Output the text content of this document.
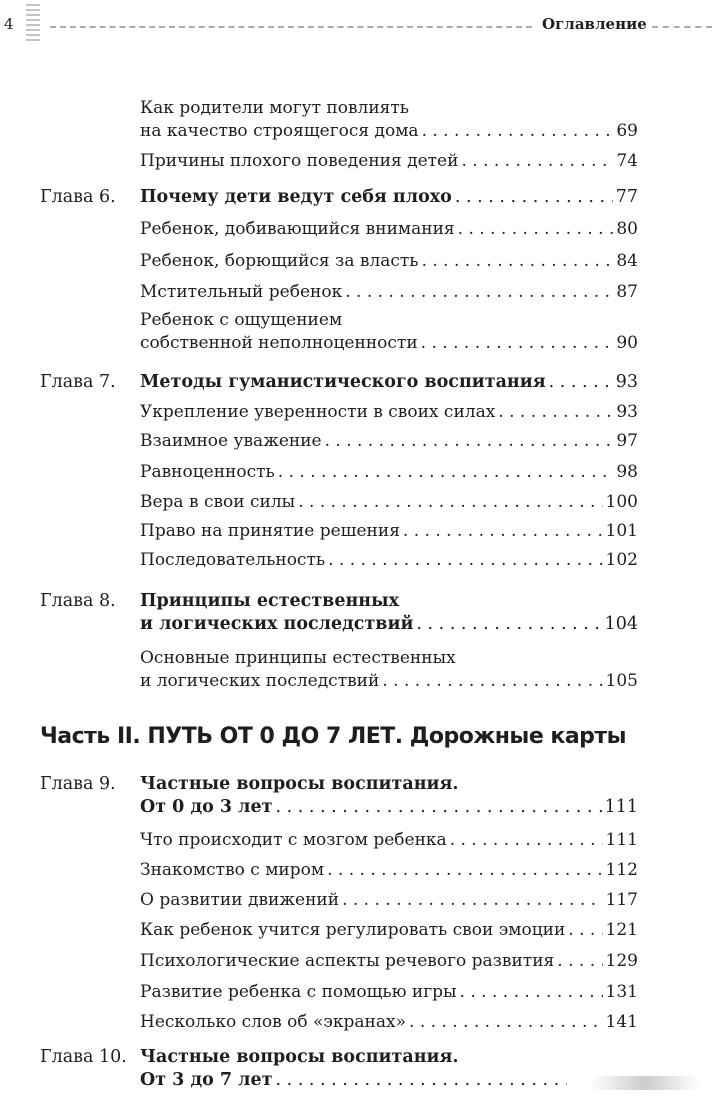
4	Оглавление
Как родители могут повлиять
на качество строящегося дома . . .	69
Причины плохого поведения детей . . .	74
Глава 6. Почему дети ведут себя плохо . . .	77
Ребенок, добивающийся внимания . . .	80
Ребенок, борющийся за власть . . .	84
Мстительный ребенок . . .	87
Ребенок с ощущением
собственной неполноценности . . .	90
Глава 7. Методы гуманистического воспитания . . .	93
Укрепление уверенности в своих силах . . .	93
Взаимное уважение . . .	97
Равноценность . . .	98
Вера в свои силы . . .	100
Право на принятие решения . . .	101
Последовательность . . .	102
Глава 8. Принципы естественных
и логических последствий . . .	104
Основные принципы естественных
и логических последствий . . .	105
Часть II. ПУТЬ ОТ 0 ДО 7 ЛЕТ. Дорожные карты
Глава 9. Частные вопросы воспитания.
От 0 до 3 лет . . .	111
Что происходит с мозгом ребенка . . .	111
Знакомство с миром . . .	112
О развитии движений . . .	117
Как ребенок учится регулировать свои эмоции . . . 121
Психологические аспекты речевого развития . . .	129
Развитие ребенка с помощью игры . . .	131
Несколько слов об «экранах» . . .	141
Глава 10. Частные вопросы воспитания.
От 3 до 7 лет
. . .
